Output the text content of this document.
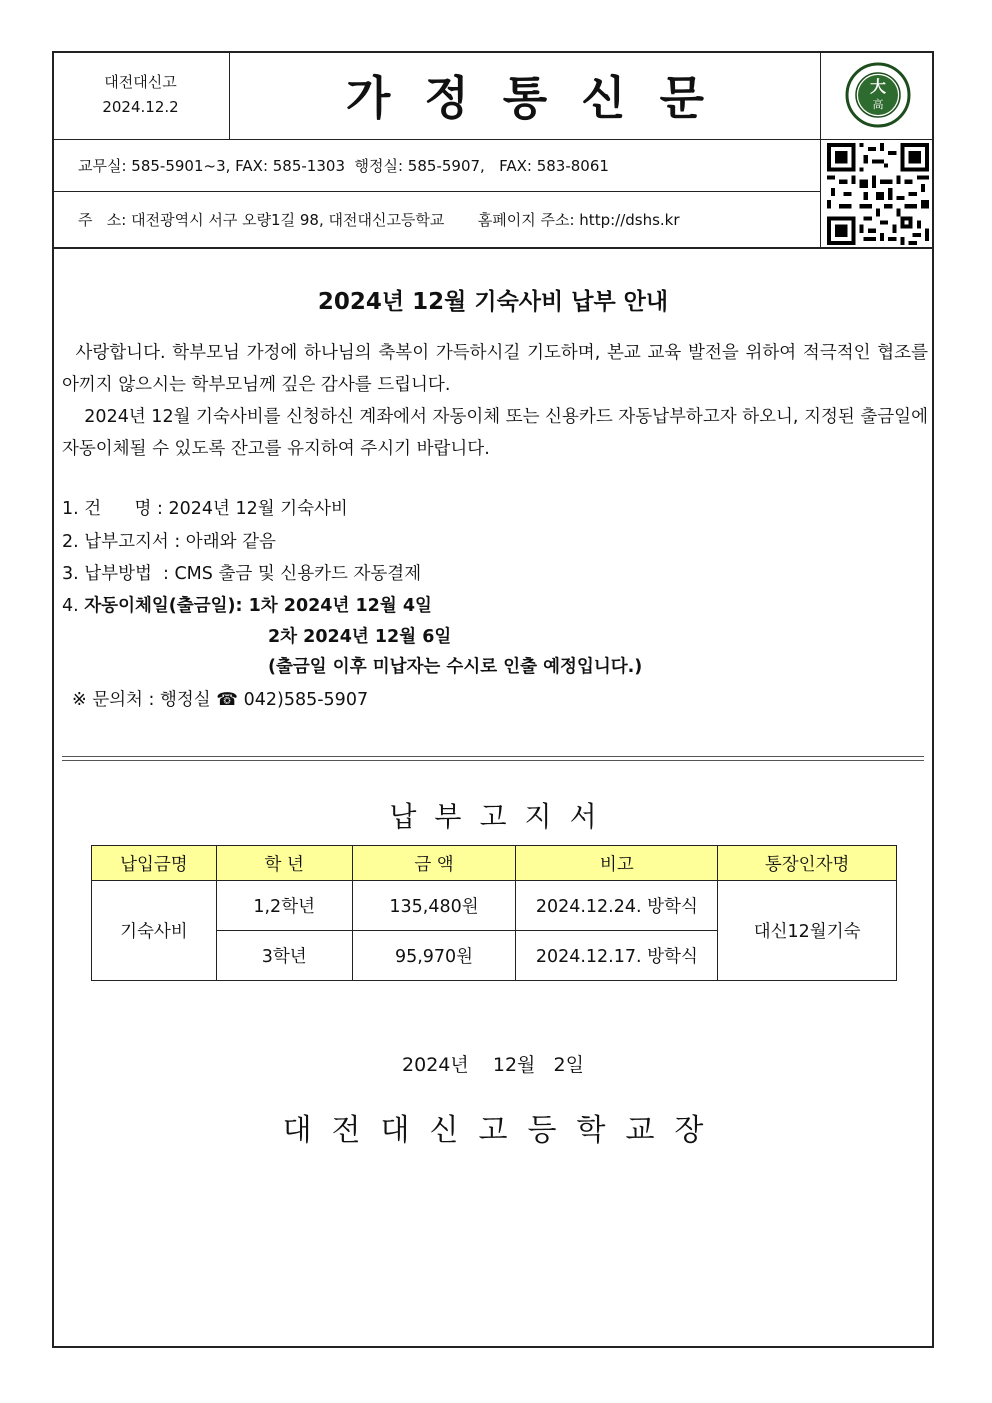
대전대신고
2024.12.2	가정통신문	大
高
교무실: 585-5901~3, FAX: 585-1303  행정실: 585-5907,   FAX: 583-8061
주   소: 대전광역시 서구 오량1길 98, 대전대신고등학교       홈페이지 주소: http://dshs.kr
2024년 12월 기숙사비 납부 안내

사랑합니다. 학부모님 가정에 하나님의 축복이 가득하시길 기도하며, 본교 교육 발전을 위하여 적극적인 협조를 아끼지 않으시는 학부모님께 깊은 감사를 드립니다.

2024년 12월 기숙사비를 신청하신 계좌에서 자동이체 또는 신용카드 자동납부하고자 하오니, 지정된 출금일에 자동이체될 수 있도록 잔고를 유지하여 주시기 바랍니다.

1. 건      명 : 2024년 12월 기숙사비
2. 납부고지서 : 아래와 같음
3. 납부방법  : CMS 출금 및 신용카드 자동결제
4. 자동이체일(출금일): 1차 2024년 12월 4일
2차 2024년 12월 6일
(출금일 이후 미납자는 수시로 인출 예정입니다.)
※ 문의처 : 행정실 ☎ 042)585-5907
납부고지서
납입금명	학 년	금 액	비고	통장인자명
기숙사비	1,2학년	135,480원	2024.12.24. 방학식	대신12월기숙
	3학년	95,970원	2024.12.17. 방학식	
2024년    12월   2일
대전대신고등학교장
